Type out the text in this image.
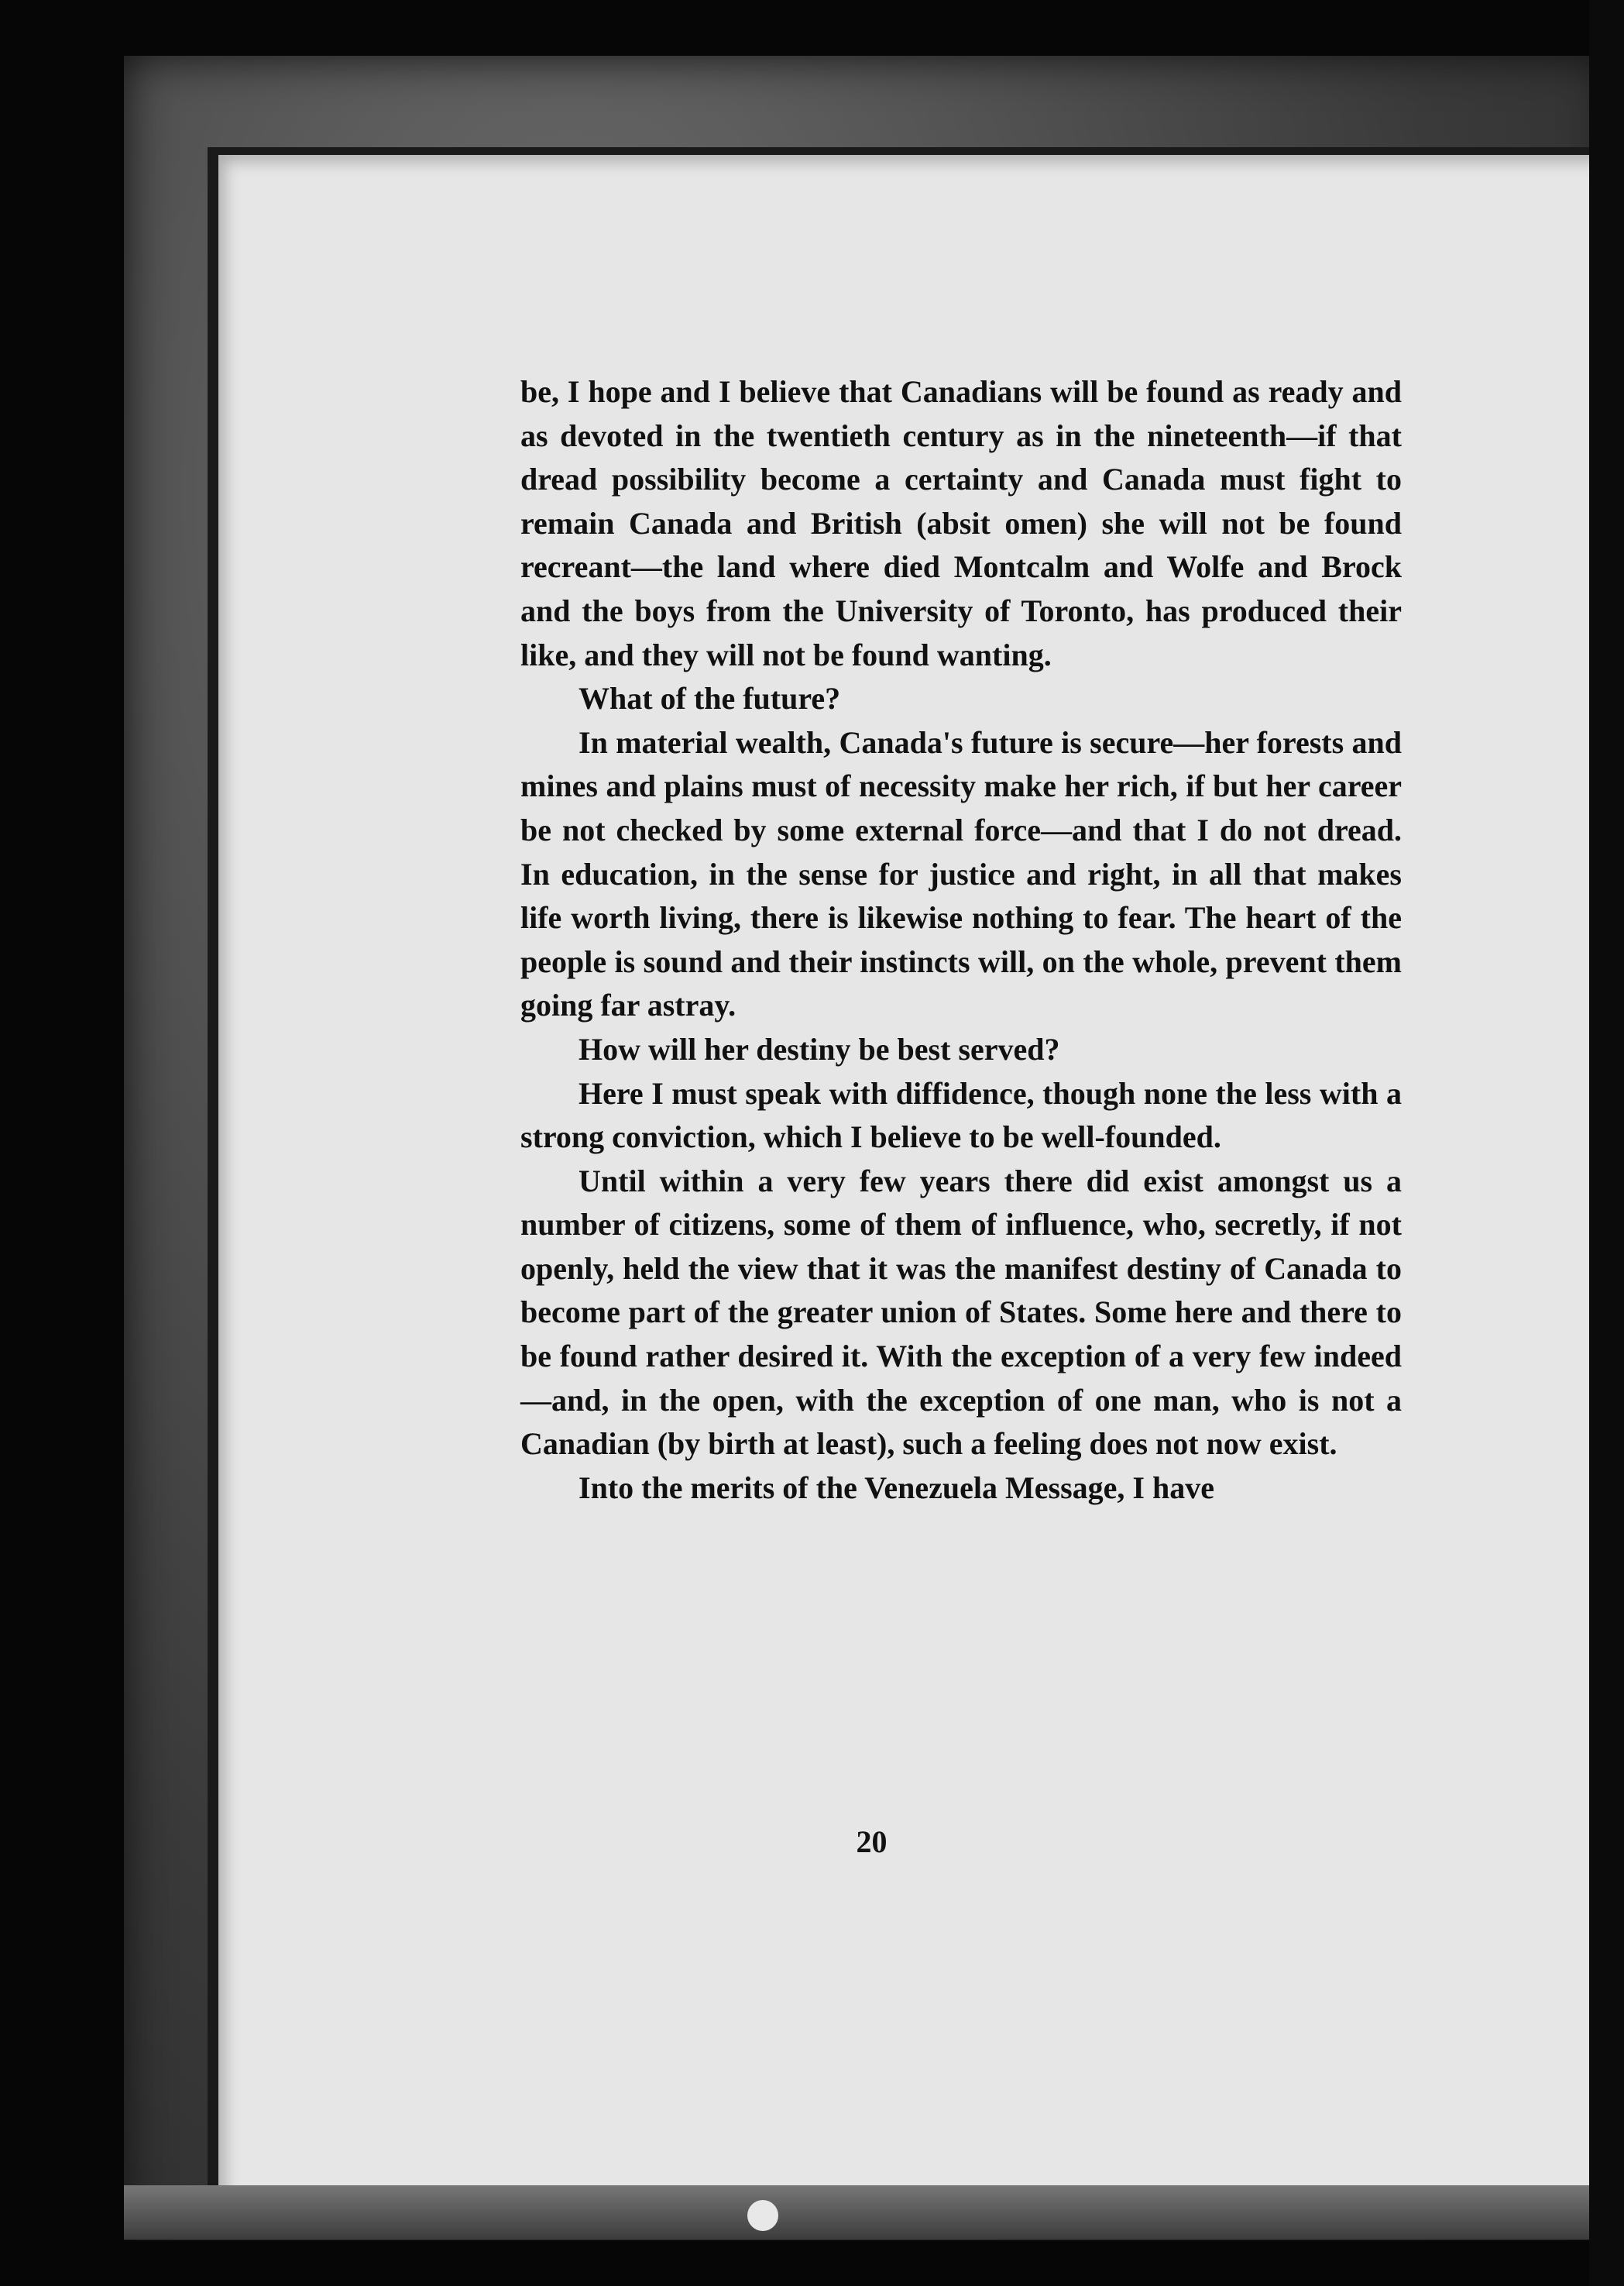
be, I hope and I believe that Canadians will be found as ready and as devoted in the twentieth century as in the nineteenth—if that dread possibility become a certainty and Canada must fight to remain Canada and British (absit omen) she will not be found recreant—the land where died Montcalm and Wolfe and Brock and the boys from the University of Toronto, has produced their like, and they will not be found wanting.

What of the future?

In material wealth, Canada's future is secure—her forests and mines and plains must of necessity make her rich, if but her career be not checked by some external force—and that I do not dread. In education, in the sense for justice and right, in all that makes life worth living, there is likewise nothing to fear. The heart of the people is sound and their instincts will, on the whole, prevent them going far astray.

How will her destiny be best served?

Here I must speak with diffidence, though none the less with a strong conviction, which I believe to be well-founded.

Until within a very few years there did exist amongst us a number of citizens, some of them of influence, who, secretly, if not openly, held the view that it was the manifest destiny of Canada to become part of the greater union of States. Some here and there to be found rather desired it. With the exception of a very few indeed—and, in the open, with the exception of one man, who is not a Canadian (by birth at least), such a feeling does not now exist.

Into the merits of the Venezuela Message, I have

20
